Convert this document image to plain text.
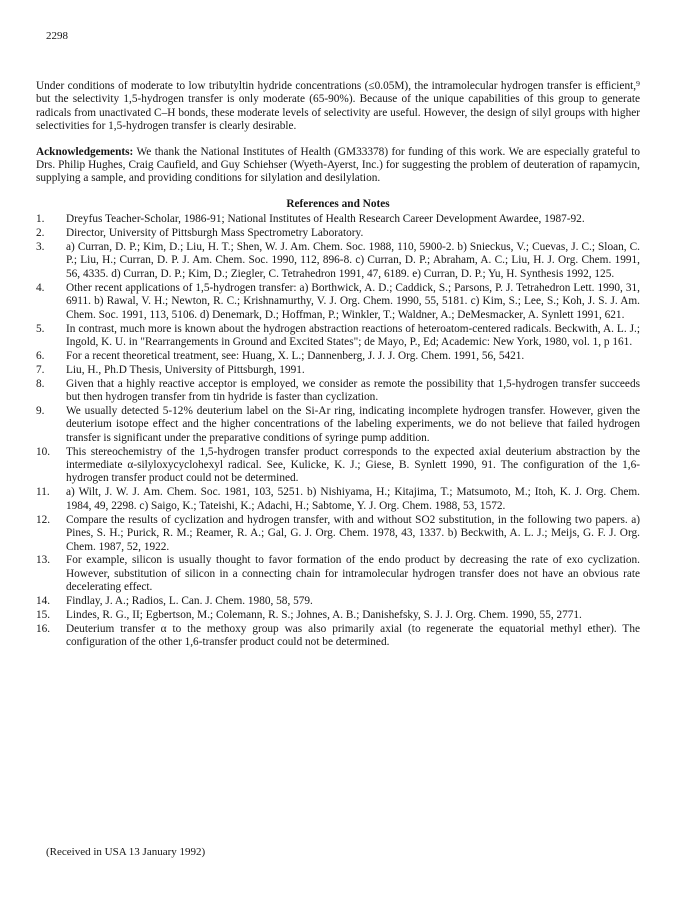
2298

Under conditions of moderate to low tributyltin hydride concentrations (≤0.05M), the intramolecular hydrogen transfer is efficient,⁹ but the selectivity 1,5-hydrogen transfer is only moderate (65-90%). Because of the unique capabilities of this group to generate radicals from unactivated C–H bonds, these moderate levels of selectivity are useful. However, the design of silyl groups with higher selectivities for 1,5-hydrogen transfer is clearly desirable.

Acknowledgements: We thank the National Institutes of Health (GM33378) for funding of this work. We are especially grateful to Drs. Philip Hughes, Craig Caufield, and Guy Schiehser (Wyeth-Ayerst, Inc.) for suggesting the problem of deuteration of rapamycin, supplying a sample, and providing conditions for silylation and desilylation.

References and Notes
1.	Dreyfus Teacher-Scholar, 1986-91; National Institutes of Health Research Career Development Awardee, 1987-92.
2.	Director, University of Pittsburgh Mass Spectrometry Laboratory.
3.	a) Curran, D. P.; Kim, D.; Liu, H. T.; Shen, W. J. Am. Chem. Soc. 1988, 110, 5900-2. b) Snieckus, V.; Cuevas, J. C.; Sloan, C. P.; Liu, H.; Curran, D. P. J. Am. Chem. Soc. 1990, 112, 896-8. c) Curran, D. P.; Abraham, A. C.; Liu, H. J. Org. Chem. 1991, 56, 4335. d) Curran, D. P.; Kim, D.; Ziegler, C. Tetrahedron 1991, 47, 6189. e) Curran, D. P.; Yu, H. Synthesis 1992, 125.
4.	Other recent applications of 1,5-hydrogen transfer: a) Borthwick, A. D.; Caddick, S.; Parsons, P. J. Tetrahedron Lett. 1990, 31, 6911. b) Rawal, V. H.; Newton, R. C.; Krishnamurthy, V. J. Org. Chem. 1990, 55, 5181. c) Kim, S.; Lee, S.; Koh, J. S. J. Am. Chem. Soc. 1991, 113, 5106. d) Denemark, D.; Hoffman, P.; Winkler, T.; Waldner, A.; DeMesmacker, A. Synlett 1991, 621.
5.	In contrast, much more is known about the hydrogen abstraction reactions of heteroatom-centered radicals. Beckwith, A. L. J.; Ingold, K. U. in "Rearrangements in Ground and Excited States"; de Mayo, P., Ed; Academic: New York, 1980, vol. 1, p 161.
6.	For a recent theoretical treatment, see: Huang, X. L.; Dannenberg, J. J. J. Org. Chem. 1991, 56, 5421.
7.	Liu, H., Ph.D Thesis, University of Pittsburgh, 1991.
8.	Given that a highly reactive acceptor is employed, we consider as remote the possibility that 1,5-hydrogen transfer succeeds but then hydrogen transfer from tin hydride is faster than cyclization.
9.	We usually detected 5-12% deuterium label on the Si-Ar ring, indicating incomplete hydrogen transfer. However, given the deuterium isotope effect and the higher concentrations of the labeling experiments, we do not believe that failed hydrogen transfer is significant under the preparative conditions of syringe pump addition.
10.	This stereochemistry of the 1,5-hydrogen transfer product corresponds to the expected axial deuterium abstraction by the intermediate α-silyloxycyclohexyl radical. See, Kulicke, K. J.; Giese, B. Synlett 1990, 91. The configuration of the 1,6-hydrogen transfer product could not be determined.
11.	a) Wilt, J. W. J. Am. Chem. Soc. 1981, 103, 5251. b) Nishiyama, H.; Kitajima, T.; Matsumoto, M.; Itoh, K. J. Org. Chem. 1984, 49, 2298. c) Saigo, K.; Tateishi, K.; Adachi, H.; Sabtome, Y. J. Org. Chem. 1988, 53, 1572.
12.	Compare the results of cyclization and hydrogen transfer, with and without SO2 substitution, in the following two papers. a) Pines, S. H.; Purick, R. M.; Reamer, R. A.; Gal, G. J. Org. Chem. 1978, 43, 1337. b) Beckwith, A. L. J.; Meijs, G. F. J. Org. Chem. 1987, 52, 1922.
13.	For example, silicon is usually thought to favor formation of the endo product by decreasing the rate of exo cyclization. However, substitution of silicon in a connecting chain for intramolecular hydrogen transfer does not have an obvious rate decelerating effect.
14.	Findlay, J. A.; Radios, L. Can. J. Chem. 1980, 58, 579.
15.	Lindes, R. G., II; Egbertson, M.; Colemann, R. S.; Johnes, A. B.; Danishefsky, S. J. J. Org. Chem. 1990, 55, 2771.
16.	Deuterium transfer α to the methoxy group was also primarily axial (to regenerate the equatorial methyl ether). The configuration of the other 1,6-transfer product could not be determined.
(Received in USA 13 January 1992)
